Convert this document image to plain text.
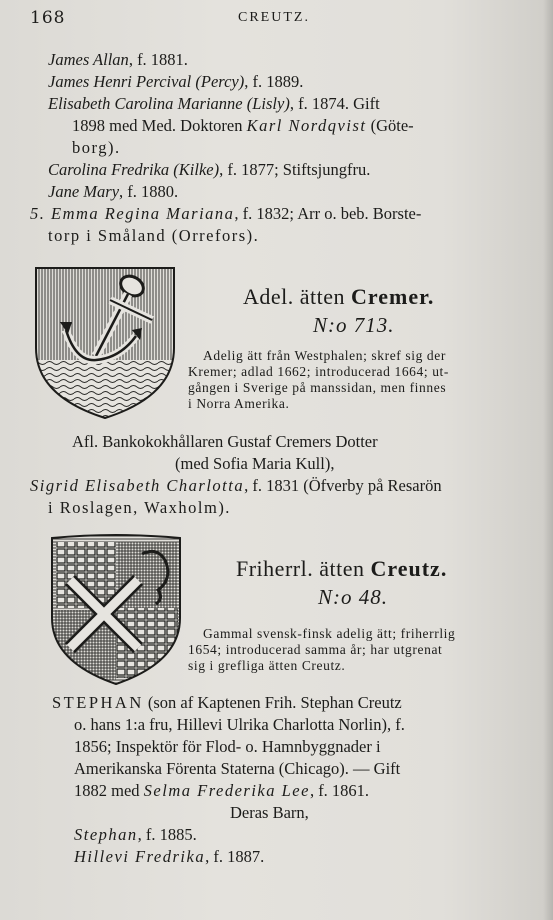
168	CREUTZ.
James Allan, f. 1881.
James Henri Percival (Percy), f. 1889.
Elisabeth Carolina Marianne (Lisly), f. 1874. Gift
1898 med Med. Doktoren Karl Nordqvist (Göte-
borg).
Carolina Fredrika (Kilke), f. 1877; Stiftsjungfru.
Jane Mary, f. 1880.
5. Emma Regina Mariana, f. 1832; Arr o. beb. Borste-
torp i Småland (Orrefors).
Adel. ätten Cremer.
N:o 713.
Adelig ätt från Westphalen; skref sig der
Kremer; adlad 1662; introducerad 1664; ut-
gången i Sverige på manssidan, men finnes
i Norra Amerika.
Afl. Bankokokhållaren Gustaf Cremers Dotter
(med Sofia Maria Kull),
Sigrid Elisabeth Charlotta, f. 1831 (Öfverby på Resarön
i Roslagen, Waxholm).
Friherrl. ätten Creutz.
N:o 48.
Gammal svensk-finsk adelig ätt; friherrlig
1654; introducerad samma år; har utgrenat
sig i grefliga ätten Creutz.
STEPHAN (son af Kaptenen Frih. Stephan Creutz
o. hans 1:a fru, Hillevi Ulrika Charlotta Norlin), f.
1856; Inspektör för Flod- o. Hamnbyggnader i
Amerikanska Förenta Staterna (Chicago). — Gift
1882 med Selma Frederika Lee, f. 1861.
Deras Barn,
Stephan, f. 1885.
Hillevi Fredrika, f. 1887.
